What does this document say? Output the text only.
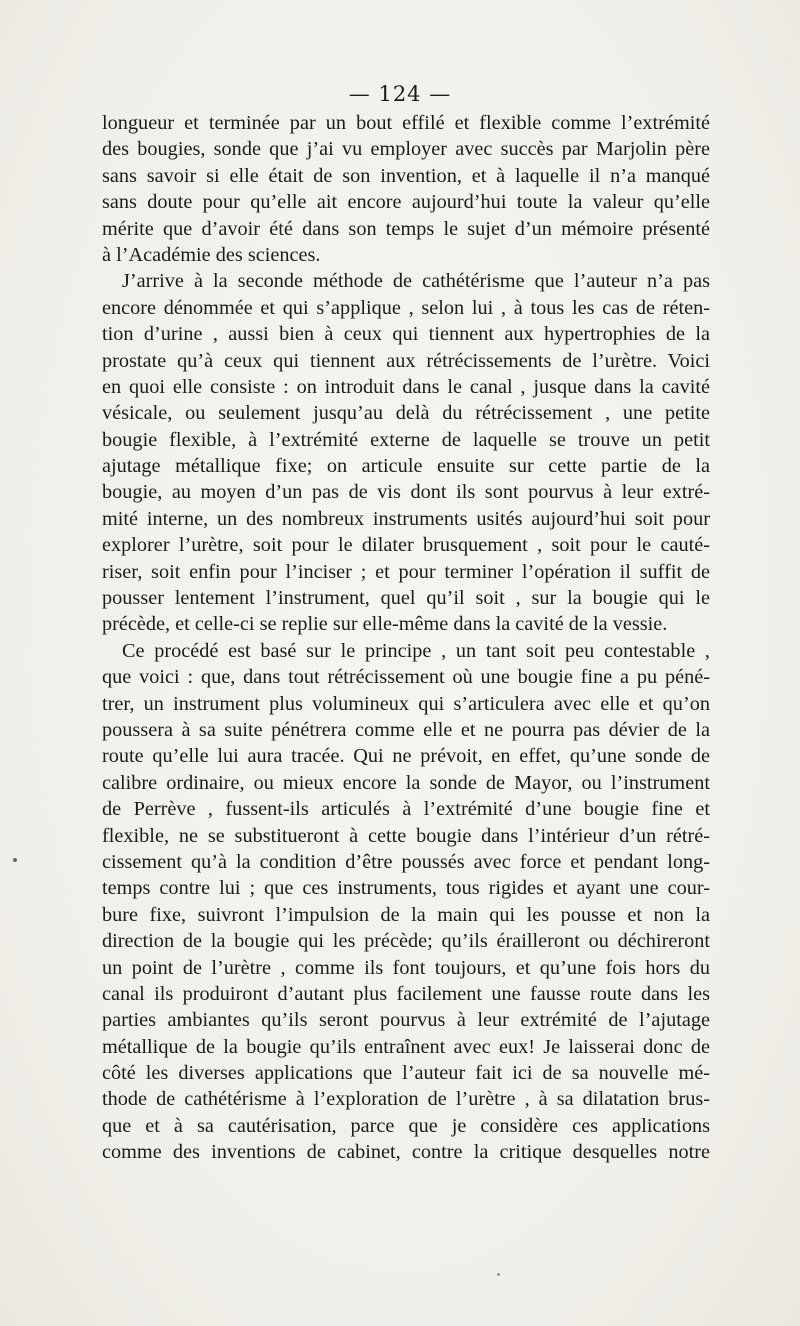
— 124 —
longueur et terminée par un bout effilé et flexible comme l’extrémité
des bougies, sonde que j’ai vu employer avec succès par Marjolin père
sans savoir si elle était de son invention, et à laquelle il n’a manqué
sans doute pour qu’elle ait encore aujourd’hui toute la valeur qu’elle
mérite que d’avoir été dans son temps le sujet d’un mémoire présenté
à l’Académie des sciences.
J’arrive à la seconde méthode de cathétérisme que l’auteur n’a pas
encore dénommée et qui s’applique , selon lui , à tous les cas de réten-
tion d’urine , aussi bien à ceux qui tiennent aux hypertrophies de la
prostate qu’à ceux qui tiennent aux rétrécissements de l’urètre. Voici
en quoi elle consiste : on introduit dans le canal , jusque dans la cavité
vésicale, ou seulement jusqu’au delà du rétrécissement , une petite
bougie flexible, à l’extrémité externe de laquelle se trouve un petit
ajutage métallique fixe; on articule ensuite sur cette partie de la
bougie, au moyen d’un pas de vis dont ils sont pourvus à leur extré-
mité interne, un des nombreux instruments usités aujourd’hui soit pour
explorer l’urètre, soit pour le dilater brusquement , soit pour le cauté-
riser, soit enfin pour l’inciser ; et pour terminer l’opération il suffit de
pousser lentement l’instrument, quel qu’il soit , sur la bougie qui le
précède, et celle-ci se replie sur elle-même dans la cavité de la vessie.
Ce procédé est basé sur le principe , un tant soit peu contestable ,
que voici : que, dans tout rétrécissement où une bougie fine a pu péné-
trer, un instrument plus volumineux qui s’articulera avec elle et qu’on
poussera à sa suite pénétrera comme elle et ne pourra pas dévier de la
route qu’elle lui aura tracée. Qui ne prévoit, en effet, qu’une sonde de
calibre ordinaire, ou mieux encore la sonde de Mayor, ou l’instrument
de Perrève , fussent-ils articulés à l’extrémité d’une bougie fine et
flexible, ne se substitueront à cette bougie dans l’intérieur d’un rétré-
cissement qu’à la condition d’être poussés avec force et pendant long-
temps contre lui ; que ces instruments, tous rigides et ayant une cour-
bure fixe, suivront l’impulsion de la main qui les pousse et non la
direction de la bougie qui les précède; qu’ils érailleront ou déchireront
un point de l’urètre , comme ils font toujours, et qu’une fois hors du
canal ils produiront d’autant plus facilement une fausse route dans les
parties ambiantes qu’ils seront pourvus à leur extrémité de l’ajutage
métallique de la bougie qu’ils entraînent avec eux! Je laisserai donc de
côté les diverses applications que l’auteur fait ici de sa nouvelle mé-
thode de cathétérisme à l’exploration de l’urètre , à sa dilatation brus-
que et à sa cautérisation, parce que je considère ces applications
comme des inventions de cabinet, contre la critique desquelles notre
